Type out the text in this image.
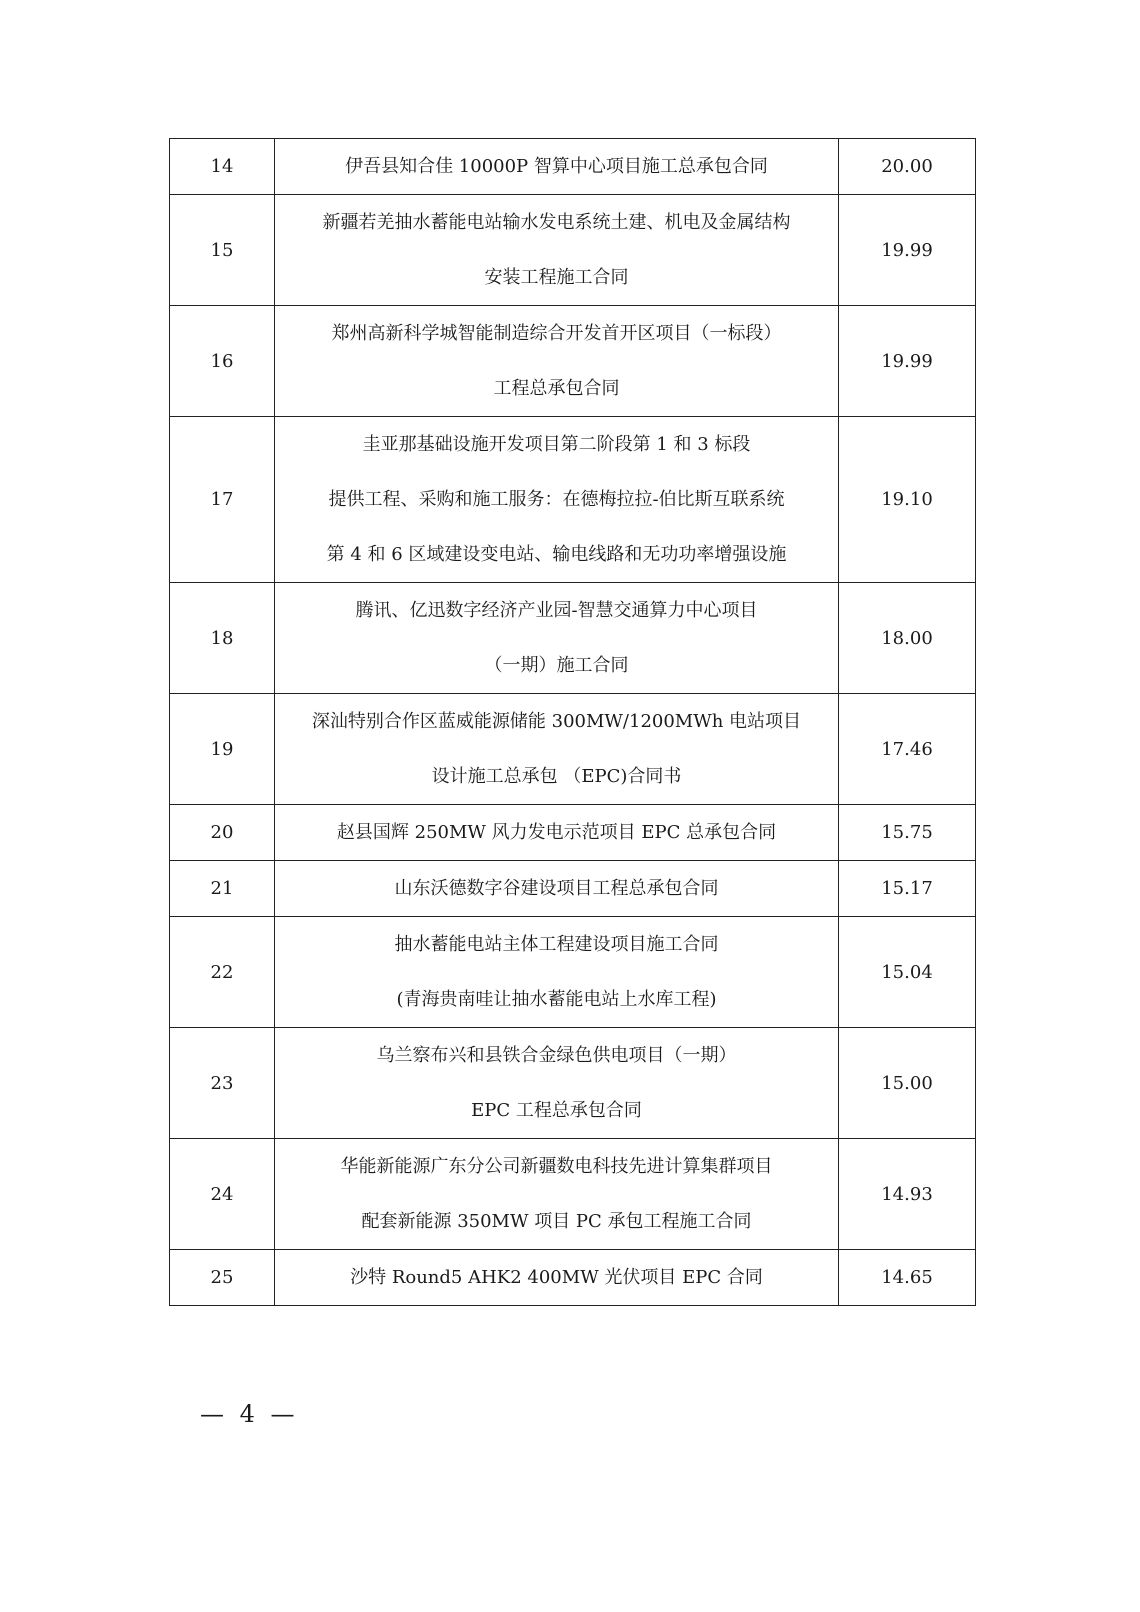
14	伊吾县知合佳 10000P 智算中心项目施工总承包合同	20.00
15	新疆若羌抽水蓄能电站输水发电系统土建、机电及金属结构
安装工程施工合同	19.99
16	郑州高新科学城智能制造综合开发首开区项目（一标段）
工程总承包合同	19.99
17	圭亚那基础设施开发项目第二阶段第 1 和 3 标段
提供工程、采购和施工服务：在德梅拉拉-伯比斯互联系统
第 4 和 6 区域建设变电站、输电线路和无功功率增强设施	19.10
18	腾讯、亿迅数字经济产业园-智慧交通算力中心项目
（一期）施工合同	18.00
19	深汕特别合作区蓝威能源储能 300MW/1200MWh 电站项目
设计施工总承包 （EPC)合同书	17.46
20	赵县国辉 250MW 风力发电示范项目 EPC 总承包合同	15.75
21	山东沃德数字谷建设项目工程总承包合同	15.17
22	抽水蓄能电站主体工程建设项目施工合同
(青海贵南哇让抽水蓄能电站上水库工程)	15.04
23	乌兰察布兴和县铁合金绿色供电项目（一期）
EPC 工程总承包合同	15.00
24	华能新能源广东分公司新疆数电科技先进计算集群项目
配套新能源 350MW 项目 PC 承包工程施工合同	14.93
25	沙特 Round5 AHK2 400MW 光伏项目 EPC 合同	14.65
— 4 —
